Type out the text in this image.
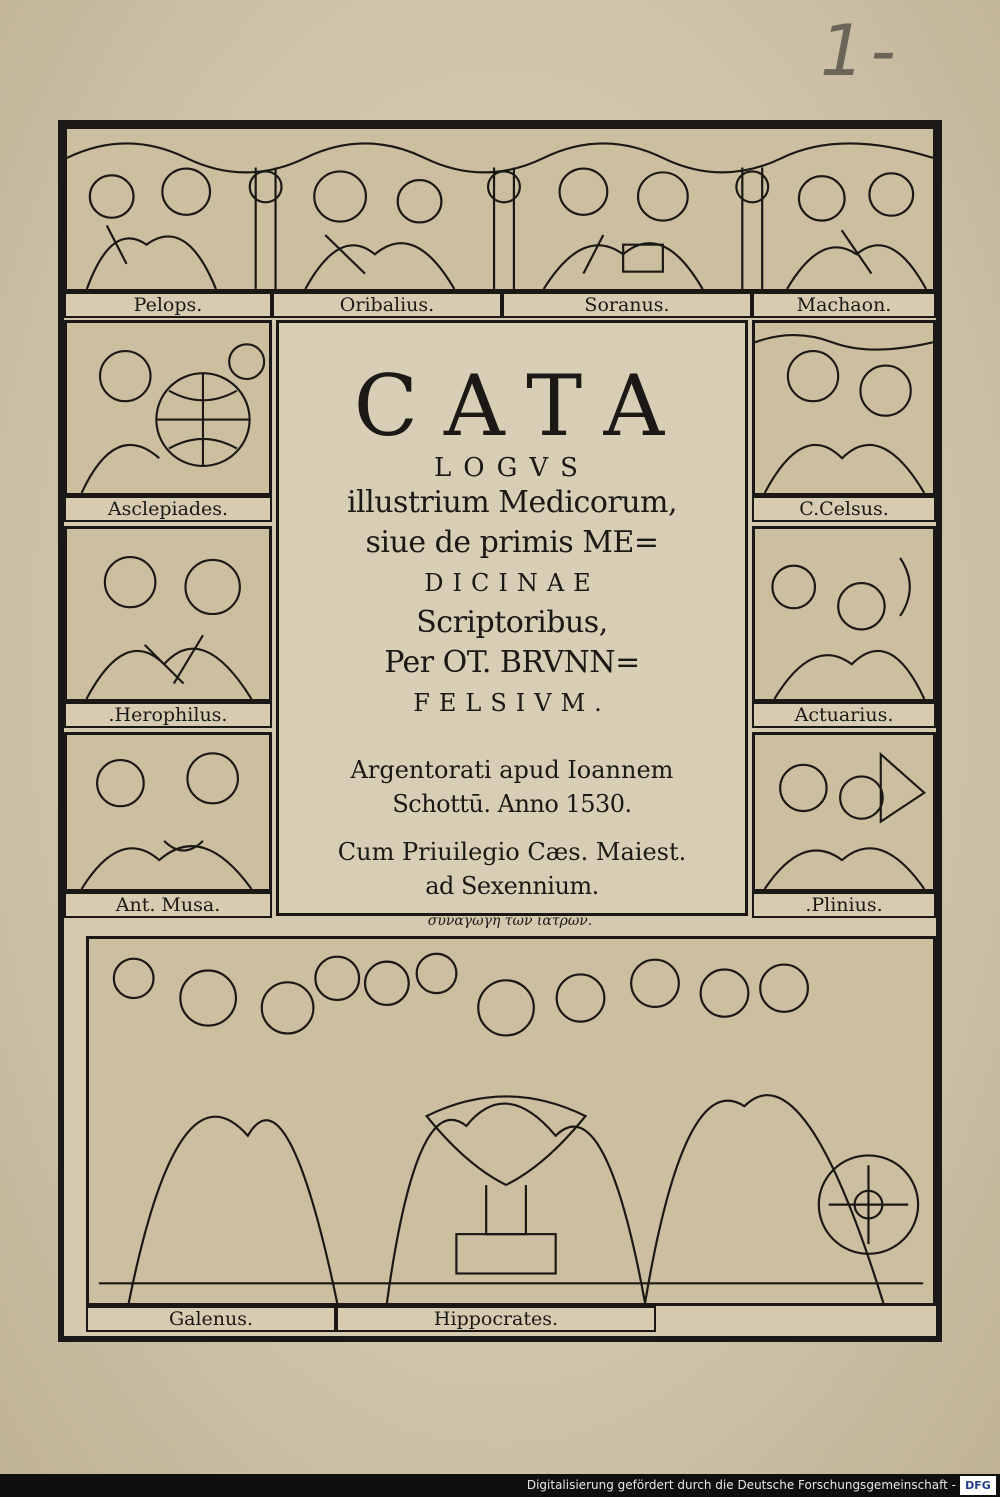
1-
Pelops.	Oribalius.	Soranus.	Machaon.
Asclepiades.
.Herophilus.
Ant. Musa.
CATA
LOGVS
illustrium Medicorum,
siue de primis ME=
DICINAE
Scriptoribus,
Per OT. BRVNN=
FELSIVM.
Argentorati apud Ioannem
Schottū. Anno 1530.
Cum Priuilegio Cæs. Maiest.
ad Sexennium.
C.Celsus.
Actuarius.
.Plinius.
συναγωγη των ιατρων.
Galenus.	Hippocrates.
Digitalisierung gefördert durch die Deutsche Forschungsgemeinschaft - DFG
